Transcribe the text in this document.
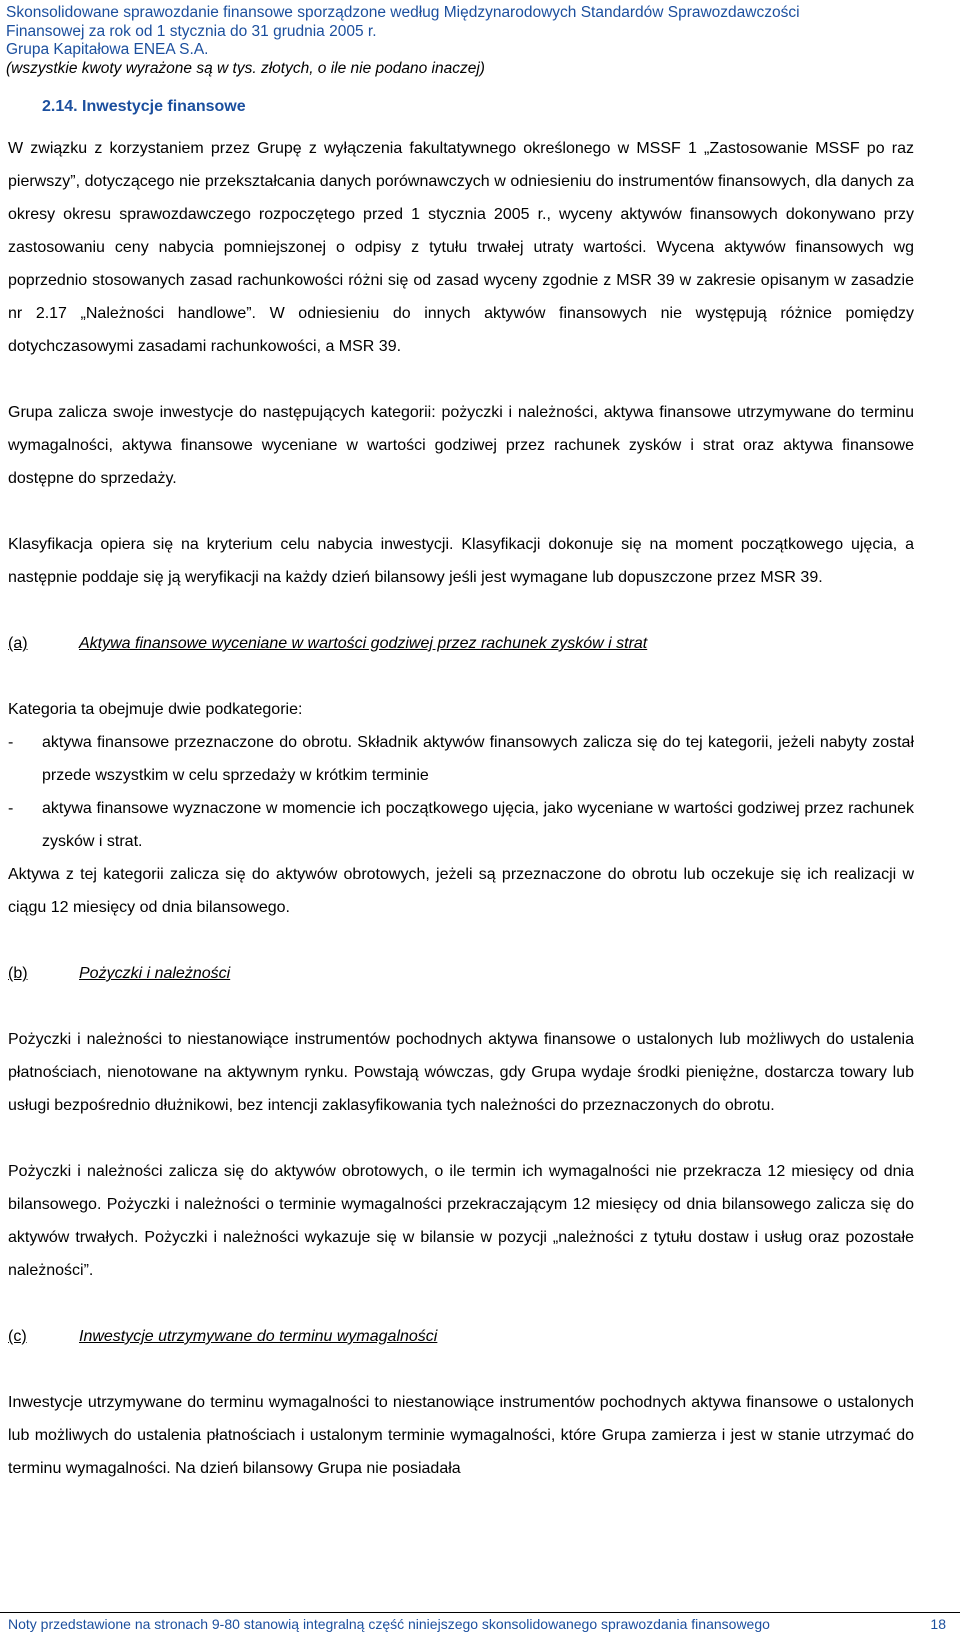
Skonsolidowane sprawozdanie finansowe sporządzone według Międzynarodowych Standardów Sprawozdawczości
Finansowej za rok od 1 stycznia do 31 grudnia 2005 r.
Grupa Kapitałowa ENEA S.A.
(wszystkie kwoty wyrażone są w tys. złotych, o ile nie podano inaczej)
2.14. Inwestycje finansowe

W związku z korzystaniem przez Grupę z wyłączenia fakultatywnego określonego w MSSF 1 „Zastosowanie MSSF po raz pierwszy”, dotyczącego nie przekształcania danych porównawczych w odniesieniu do instrumentów finansowych, dla danych za okresy okresu sprawozdawczego rozpoczętego przed 1 stycznia 2005 r., wyceny aktywów finansowych dokonywano przy zastosowaniu ceny nabycia pomniejszonej o odpisy z tytułu trwałej utraty wartości. Wycena aktywów finansowych wg poprzednio stosowanych zasad rachunkowości różni się od zasad wyceny zgodnie z MSR 39 w zakresie opisanym w zasadzie nr 2.17 „Należności handlowe”. W odniesieniu do innych aktywów finansowych nie występują różnice pomiędzy dotychczasowymi zasadami rachunkowości, a MSR 39.

Grupa zalicza swoje inwestycje do następujących kategorii: pożyczki i należności, aktywa finansowe utrzymywane do terminu wymagalności, aktywa finansowe wyceniane w wartości godziwej przez rachunek zysków i strat oraz aktywa finansowe dostępne do sprzedaży.

Klasyfikacja opiera się na kryterium celu nabycia inwestycji. Klasyfikacji dokonuje się na moment początkowego ujęcia, a następnie poddaje się ją weryfikacji na każdy dzień bilansowy jeśli jest wymagane lub dopuszczone przez MSR 39.

(a)	Aktywa finansowe wyceniane w wartości godziwej przez rachunek zysków i strat

Kategoria ta obejmuje dwie podkategorie:

-	aktywa finansowe przeznaczone do obrotu. Składnik aktywów finansowych zalicza się do tej kategorii, jeżeli nabyty został przede wszystkim w celu sprzedaży w krótkim terminie
-	aktywa finansowe wyznaczone w momencie ich początkowego ujęcia, jako wyceniane w wartości godziwej przez rachunek zysków i strat.

Aktywa z tej kategorii zalicza się do aktywów obrotowych, jeżeli są przeznaczone do obrotu lub oczekuje się ich realizacji w ciągu 12 miesięcy od dnia bilansowego.

(b)	Pożyczki i należności

Pożyczki i należności to niestanowiące instrumentów pochodnych aktywa finansowe o ustalonych lub możliwych do ustalenia płatnościach, nienotowane na aktywnym rynku. Powstają wówczas, gdy Grupa wydaje środki pieniężne, dostarcza towary lub usługi bezpośrednio dłużnikowi, bez intencji zaklasyfikowania tych należności do przeznaczonych do obrotu.

Pożyczki i należności zalicza się do aktywów obrotowych, o ile termin ich wymagalności nie przekracza 12 miesięcy od dnia bilansowego. Pożyczki i należności o terminie wymagalności przekraczającym 12 miesięcy od dnia bilansowego zalicza się do aktywów trwałych. Pożyczki i należności wykazuje się w bilansie w pozycji „należności z tytułu dostaw i usług oraz pozostałe należności”.

(c)	Inwestycje utrzymywane do terminu wymagalności

Inwestycje utrzymywane do terminu wymagalności to niestanowiące instrumentów pochodnych aktywa finansowe o ustalonych lub możliwych do ustalenia płatnościach i ustalonym terminie wymagalności, które Grupa zamierza i jest w stanie utrzymać do terminu wymagalności. Na dzień bilansowy Grupa nie posiadała

Noty przedstawione na stronach 9-80 stanowią integralną część niniejszego skonsolidowanego sprawozdania finansowego	18
